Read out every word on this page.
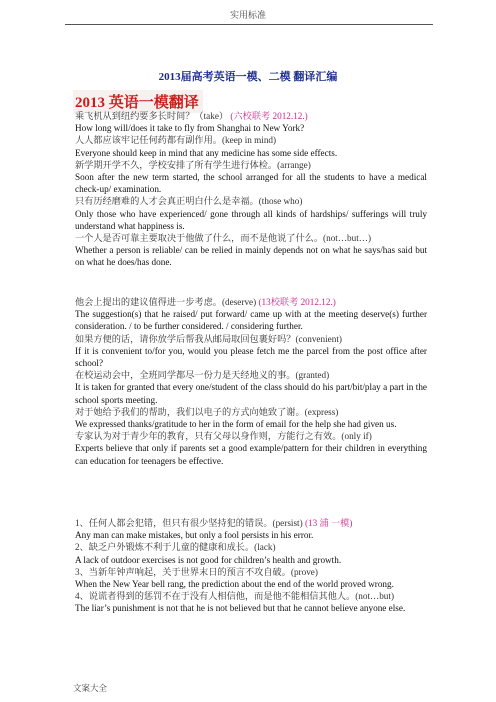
实用标准
2013届高考英语一模、二模 翻译汇编
2013 英语一模翻译

乘飞机从到纽约要多长时间？（take） (六校联考 2012.12.)

How long will/does it take to fly from Shanghai to New York?

人人都应该牢记任何药都有副作用。(keep in mind)

Everyone should keep in mind that any medicine has some side effects.

新学期开学不久，学校安排了所有学生进行体检。(arrange)

Soon after the new term started, the school arranged for all the students to have a medical check-up/ examination.

只有历经磨难的人才会真正明白什么是幸福。(those who)

Only those who have experienced/ gone through all kinds of hardships/ sufferings will truly understand what happiness is.

一个人是否可靠主要取决于他做了什么，而不是他说了什么。(not…but…)

Whether a person is reliable/ can be relied in mainly depends not on what he says/has said but on what he does/has done.

他会上提出的建议值得进一步考虑。(deserve) (13校联考 2012.12.)

The suggestion(s) that he raised/ put forward/ came up with at the meeting deserve(s) further consideration. / to be further considered. / considering further.

如果方便的话，请你放学后帮我从邮局取回包裹好吗？(convenient)

If it is convenient to/for you, would you please fetch me the parcel from the post office after school?

在校运动会中，全班同学都尽一份力是天经地义的事。(granted)

It is taken for granted that every one/student of the class should do his part/bit/play a part in the school sports meeting.

对于她给予我们的帮助，我们以电子的方式向她致了谢。(express)

We expressed thanks/gratitude to her in the form of email for the help she had given us.

专家认为对于青少年的教育，只有父母以身作则，方能行之有效。(only if)

Experts believe that only if parents set a good example/pattern for their children in everything can education for teenagers be effective.

1、任何人都会犯错，但只有很少坚持犯的错误。(persist) (13 浦 一模)

Any man can make mistakes, but only a fool persists in his error.

2、缺乏户外锻炼不利于儿童的健康和成长。(lack)

A lack of outdoor exercises is not good for children’s health and growth.

3、当新年钟声响起，关于世界末日的预言不攻自破。(prove)

When the New Year bell rang, the prediction about the end of the world proved wrong.

4、说谎者得到的惩罚不在于没有人相信他，而是他不能相信其他人。(not…but)

The liar’s punishment is not that he is not believed but that he cannot believe anyone else.

文案大全
